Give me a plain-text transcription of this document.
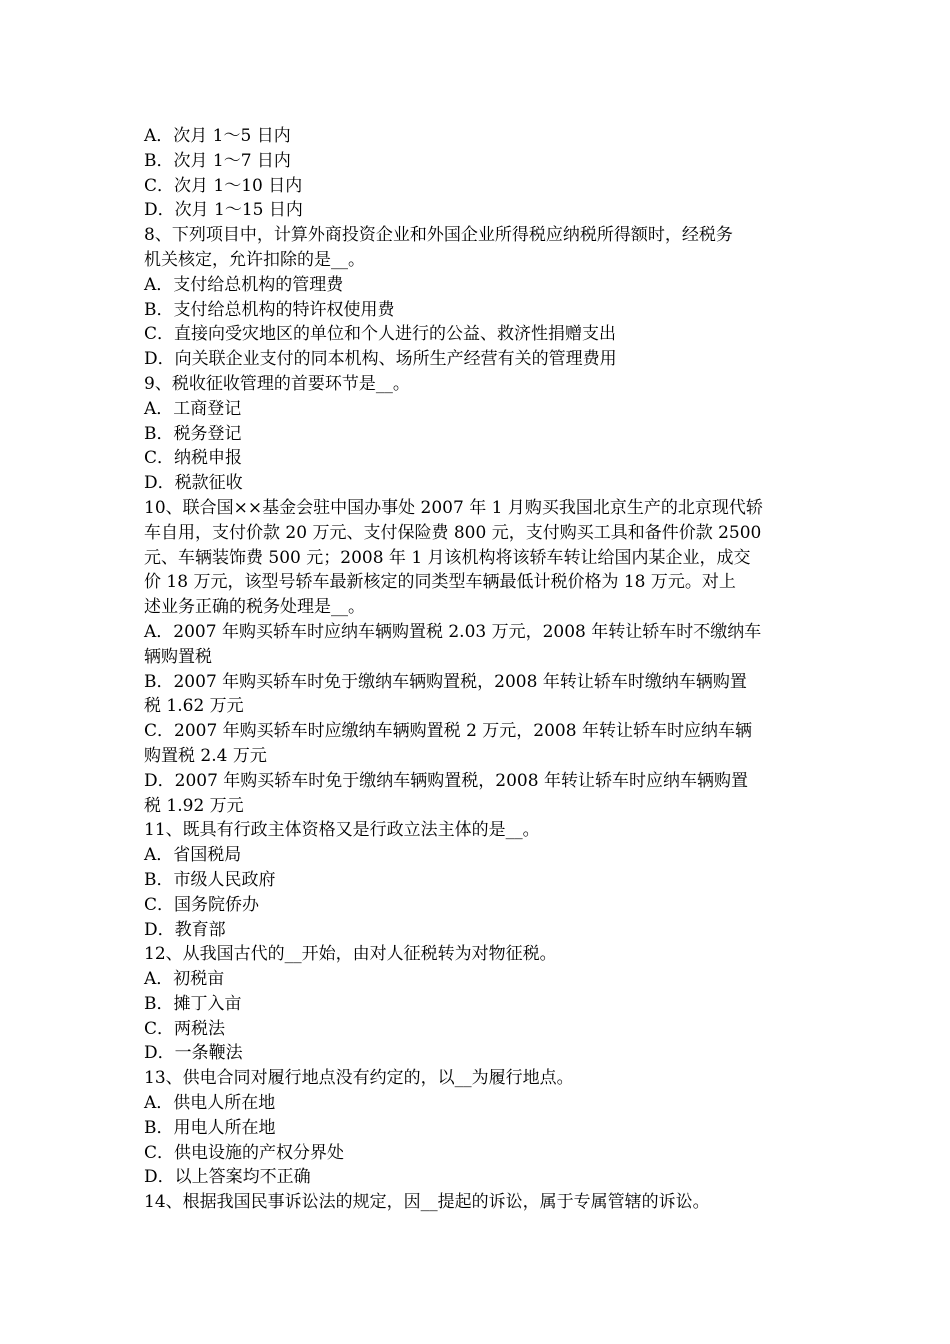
A．次月 1～5 日内
B．次月 1～7 日内
C．次月 1～10 日内
D．次月 1～15 日内
8、下列项目中，计算外商投资企业和外国企业所得税应纳税所得额时，经税务
机关核定，允许扣除的是__。
A．支付给总机构的管理费
B．支付给总机构的特许权使用费
C．直接向受灾地区的单位和个人进行的公益、救济性捐赠支出
D．向关联企业支付的同本机构、场所生产经营有关的管理费用
9、税收征收管理的首要环节是__。
A．工商登记
B．税务登记
C．纳税申报
D．税款征收
10、联合国××基金会驻中国办事处 2007 年 1 月购买我国北京生产的北京现代轿
车自用，支付价款 20 万元、支付保险费 800 元，支付购买工具和备件价款 2500
元、车辆装饰费 500 元；2008 年 1 月该机构将该轿车转让给国内某企业，成交
价 18 万元，该型号轿车最新核定的同类型车辆最低计税价格为 18 万元。对上
述业务正确的税务处理是__。
A．2007 年购买轿车时应纳车辆购置税 2.03 万元，2008 年转让轿车时不缴纳车
辆购置税
B．2007 年购买轿车时免于缴纳车辆购置税，2008 年转让轿车时缴纳车辆购置
税 1.62 万元
C．2007 年购买轿车时应缴纳车辆购置税 2 万元，2008 年转让轿车时应纳车辆
购置税 2.4 万元
D．2007 年购买轿车时免于缴纳车辆购置税，2008 年转让轿车时应纳车辆购置
税 1.92 万元
11、既具有行政主体资格又是行政立法主体的是__。
A．省国税局
B．市级人民政府
C．国务院侨办
D．教育部
12、从我国古代的__开始，由对人征税转为对物征税。
A．初税亩
B．摊丁入亩
C．两税法
D．一条鞭法
13、供电合同对履行地点没有约定的，以__为履行地点。
A．供电人所在地
B．用电人所在地
C．供电设施的产权分界处
D．以上答案均不正确
14、根据我国民事诉讼法的规定，因__提起的诉讼，属于专属管辖的诉讼。
